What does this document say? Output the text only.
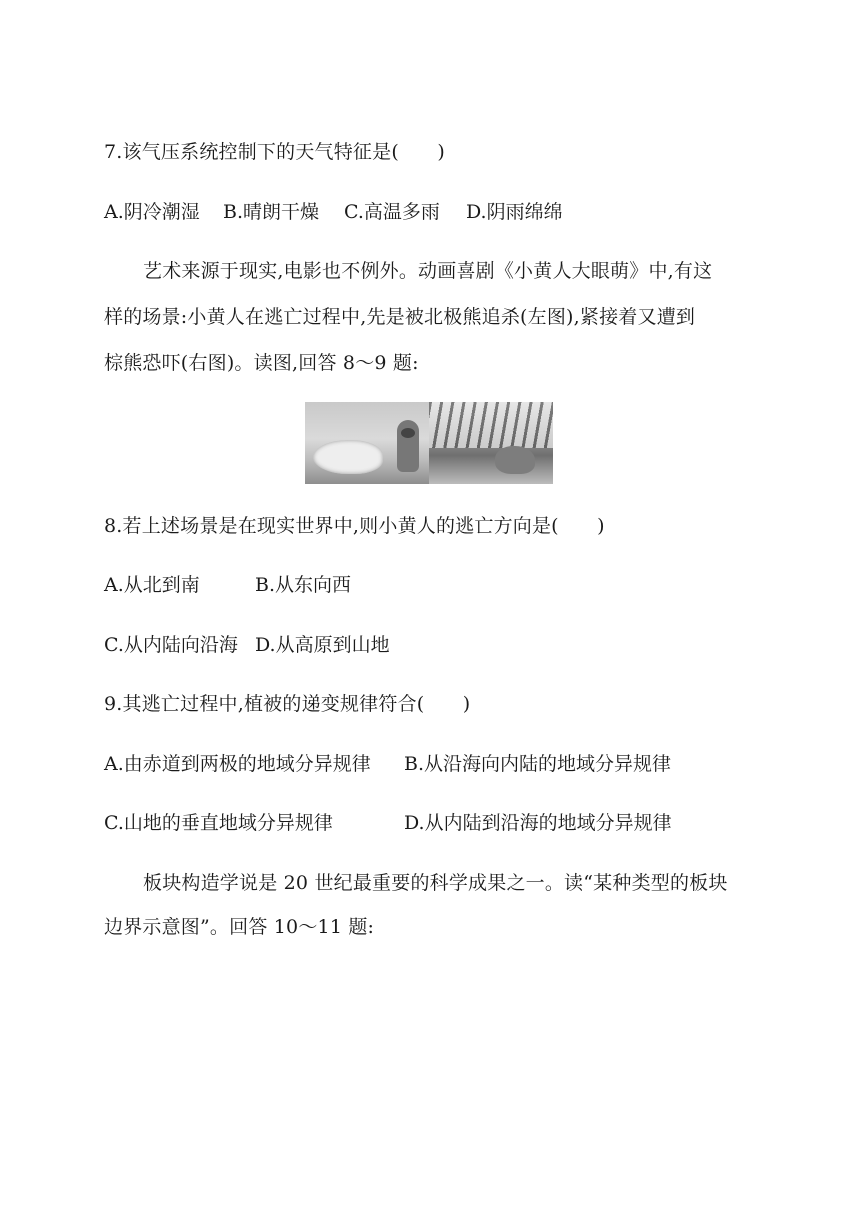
7.该气压系统控制下的天气特征是(　　)
A.阴冷潮湿 B.晴朗干燥 C.高温多雨 D.阴雨绵绵
艺术来源于现实,电影也不例外。动画喜剧《小黄人大眼萌》中,有这
样的场景:小黄人在逃亡过程中,先是被北极熊追杀(左图),紧接着又遭到
棕熊恐吓(右图)。读图,回答 8～9 题:
8.若上述场景是在现实世界中,则小黄人的逃亡方向是(　　)
A.从北到南	B.从东向西
C.从内陆向沿海 D.从高原到山地
9.其逃亡过程中,植被的递变规律符合(　　)
A.由赤道到两极的地域分异规律 B.从沿海向内陆的地域分异规律
C.山地的垂直地域分异规律	D.从内陆到沿海的地域分异规律
板块构造学说是 20 世纪最重要的科学成果之一。读“某种类型的板块
边界示意图”。回答 10～11 题:
